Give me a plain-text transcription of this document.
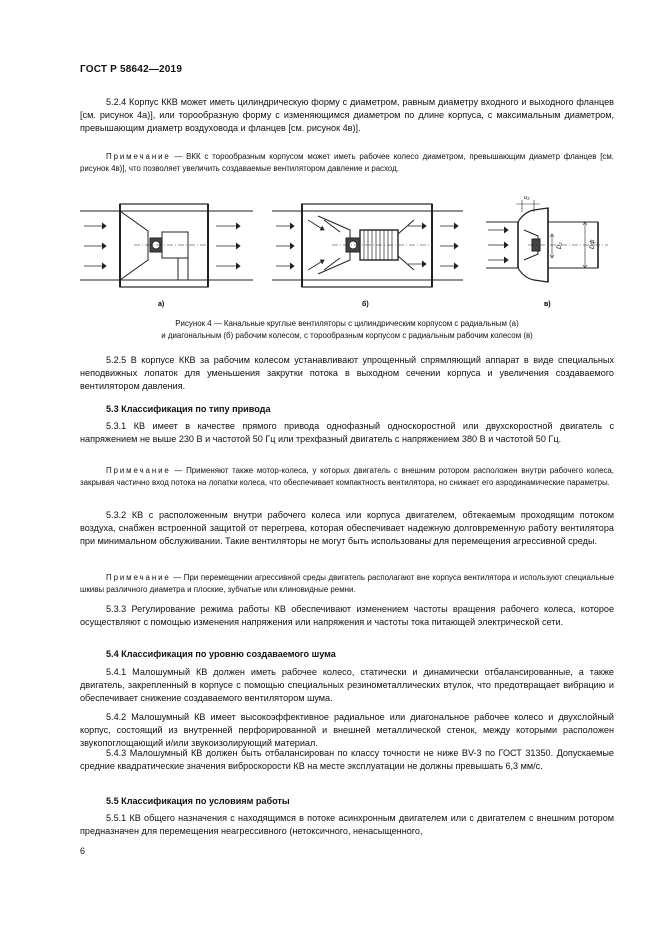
ГОСТ Р 58642—2019
5.2.4 Корпус ККВ может иметь цилиндрическую форму с диаметром, равным диаметру входного и выходного фланцев [см. рисунок 4а)], или торообразную форму с изменяющимся диаметром по длине корпуса, с максимальным диаметром, превышающим диаметр воздуховода и фланцев [см. рисунок 4в)].
Примечание — ВКК с торообразным корпусом может иметь рабочее колесо диаметром, превышающим диаметр фланцев [см. рисунок 4в)], что позволяет увеличить создаваемые вентилятором давление и расход.
а)	б)	в)
b₂
D₂	Dф
Рисунок 4 — Канальные круглые вентиляторы с цилиндрическим корпусом с радиальным (а)
и диагональным (б) рабочим колесом, с торообразным корпусом с радиальным рабочим колесом (в)
5.2.5 В корпусе ККВ за рабочим колесом устанавливают упрощенный спрямляющий аппарат в виде специальных неподвижных лопаток для уменьшения закрутки потока в выходном сечении корпуса и увеличения создаваемого вентилятором давления.
5.3 Классификация по типу привода
5.3.1 КВ имеет в качестве прямого привода однофазный односкоростной или двухскоростной двигатель с напряжением не выше 230 В и частотой 50 Гц или трехфазный двигатель с напряжением 380 В и частотой 50 Гц.
Примечание — Применяют также мотор-колеса, у которых двигатель с внешним ротором расположен внутри рабочего колеса, закрывая частично вход потока на лопатки колеса, что обеспечивает компактность вентилятора, но снижает его аэродинамические параметры.
5.3.2 КВ с расположенным внутри рабочего колеса или корпуса двигателем, обтекаемым проходящим потоком воздуха, снабжен встроенной защитой от перегрева, которая обеспечивает надежную долговременную работу вентилятора при минимальном обслуживании. Такие вентиляторы не могут быть использованы для перемещения агрессивной среды.
Примечание — При перемещении агрессивной среды двигатель располагают вне корпуса вентилятора и используют специальные шкивы различного диаметра и плоские, зубчатые или клиновидные ремни.
5.3.3 Регулирование режима работы КВ обеспечивают изменением частоты вращения рабочего колеса, которое осуществляют с помощью изменения напряжения или напряжения и частоты тока питающей электрической сети.
5.4 Классификация по уровню создаваемого шума
5.4.1 Малошумный КВ должен иметь рабочее колесо, статически и динамически отбалансированные, а также двигатель, закрепленный в корпусе с помощью специальных резинометаллических втулок, что предотвращает вибрацию и обеспечивает снижение создаваемого вентилятором шума.
5.4.2 Малошумный КВ имеет высокоэффективное радиальное или диагональное рабочее колесо и двухслойный корпус, состоящий из внутренней перфорированной и внешней металлической стенок, между которыми расположен звукопоглощающий и/или звукоизолирующий материал.
5.4.3 Малошумный КВ должен быть отбалансирован по классу точности не ниже BV-3 по ГОСТ 31350. Допускаемые средние квадратические значения виброскорости КВ на месте эксплуатации не должны превышать 6,3 мм/с.
5.5 Классификация по условиям работы
5.5.1 КВ общего назначения с находящимся в потоке асинхронным двигателем или с двигателем с внешним ротором предназначен для перемещения неагрессивного (нетоксичного, ненасыщенного,
6
